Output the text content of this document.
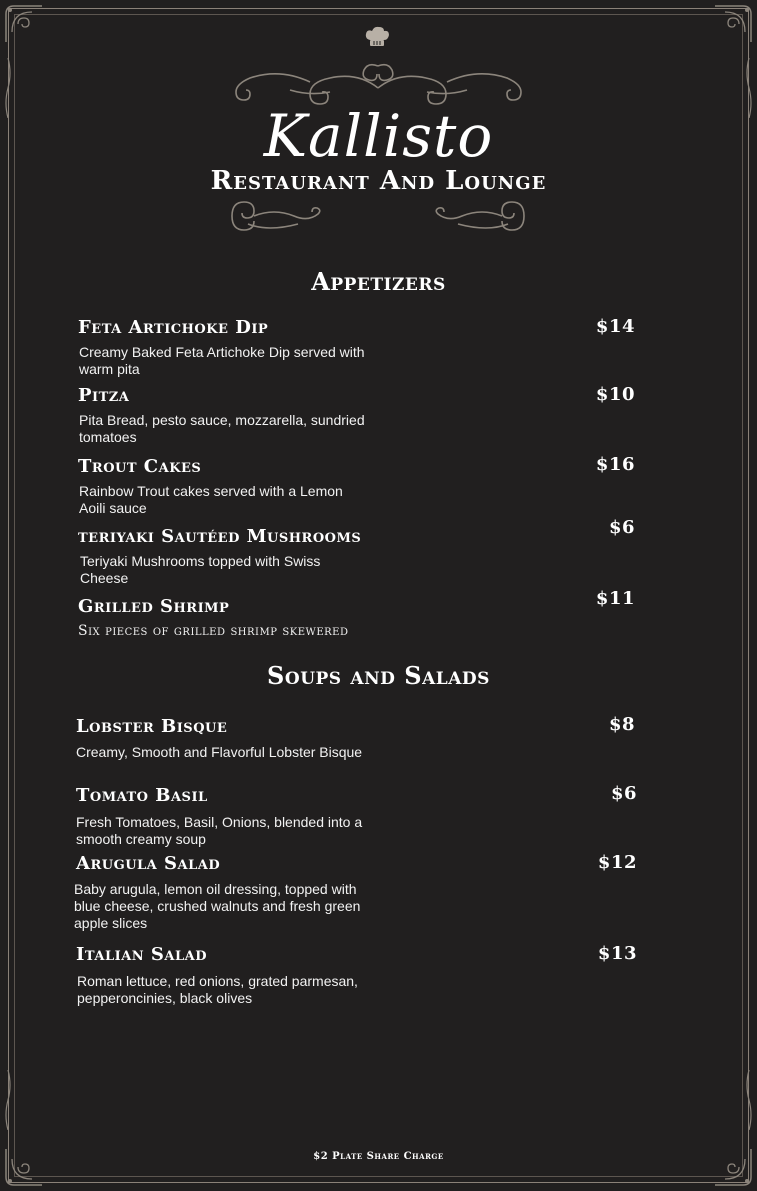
Kallisto
Restaurant And Lounge
Appetizers
Feta Artichoke Dip	$14
Creamy Baked Feta Artichoke Dip served with warm pita
Pitza	$10
Pita Bread, pesto sauce, mozzarella, sundried tomatoes
Trout Cakes	$16
Rainbow Trout cakes served with a Lemon Aoili sauce
teriyaki Sautéed Mushrooms	$6
Teriyaki Mushrooms topped with Swiss Cheese
Grilled Shrimp	$11
Six pieces of grilled shrimp skewered
Soups and Salads
Lobster Bisque	$8
Creamy, Smooth and Flavorful Lobster Bisque
Tomato Basil	$6
Fresh Tomatoes, Basil, Onions, blended into a smooth creamy soup
Arugula Salad	$12
Baby arugula, lemon oil dressing, topped with blue cheese, crushed walnuts and fresh green apple slices
Italian Salad	$13
Roman lettuce, red onions, grated parmesan, pepperoncinies, black olives
$2 Plate Share Charge
